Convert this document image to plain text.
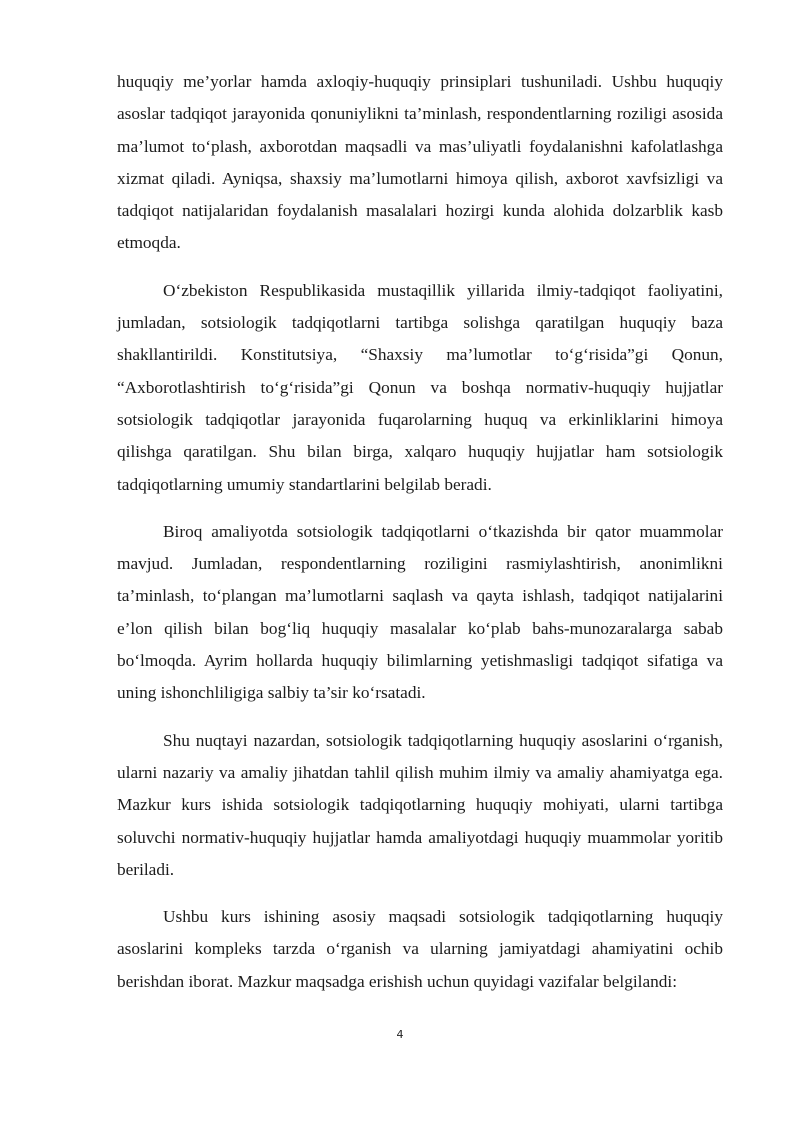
huquqiy me’yorlar hamda axloqiy-huquqiy prinsiplari tushuniladi. Ushbu huquqiy asoslar tadqiqot jarayonida qonuniylikni ta’minlash, respondentlarning roziligi asosida ma’lumot to‘plash, axborotdan maqsadli va mas’uliyatli foydalanishni kafolatlashga xizmat qiladi. Ayniqsa, shaxsiy ma’lumotlarni himoya qilish, axborot xavfsizligi va tadqiqot natijalaridan foydalanish masalalari hozirgi kunda alohida dolzarblik kasb etmoqda.

O‘zbekiston Respublikasida mustaqillik yillarida ilmiy-tadqiqot faoliyatini, jumladan, sotsiologik tadqiqotlarni tartibga solishga qaratilgan huquqiy baza shakllantirildi. Konstitutsiya, “Shaxsiy ma’lumotlar to‘g‘risida”gi Qonun, “Axborotlashtirish to‘g‘risida”gi Qonun va boshqa normativ-huquqiy hujjatlar sotsiologik tadqiqotlar jarayonida fuqarolarning huquq va erkinliklarini himoya qilishga qaratilgan. Shu bilan birga, xalqaro huquqiy hujjatlar ham sotsiologik tadqiqotlarning umumiy standartlarini belgilab beradi.

Biroq amaliyotda sotsiologik tadqiqotlarni o‘tkazishda bir qator muammolar mavjud. Jumladan, respondentlarning roziligini rasmiylashtirish, anonimlikni ta’minlash, to‘plangan ma’lumotlarni saqlash va qayta ishlash, tadqiqot natijalarini e’lon qilish bilan bog‘liq huquqiy masalalar ko‘plab bahs-munozaralarga sabab bo‘lmoqda. Ayrim hollarda huquqiy bilimlarning yetishmasligi tadqiqot sifatiga va uning ishonchliligiga salbiy ta’sir ko‘rsatadi.

Shu nuqtayi nazardan, sotsiologik tadqiqotlarning huquqiy asoslarini o‘rganish, ularni nazariy va amaliy jihatdan tahlil qilish muhim ilmiy va amaliy ahamiyatga ega. Mazkur kurs ishida sotsiologik tadqiqotlarning huquqiy mohiyati, ularni tartibga soluvchi normativ-huquqiy hujjatlar hamda amaliyotdagi huquqiy muammolar yoritib beriladi.

Ushbu kurs ishining asosiy maqsadi sotsiologik tadqiqotlarning huquqiy asoslarini kompleks tarzda o‘rganish va ularning jamiyatdagi ahamiyatini ochib berishdan iborat. Mazkur maqsadga erishish uchun quyidagi vazifalar belgilandi:

4
